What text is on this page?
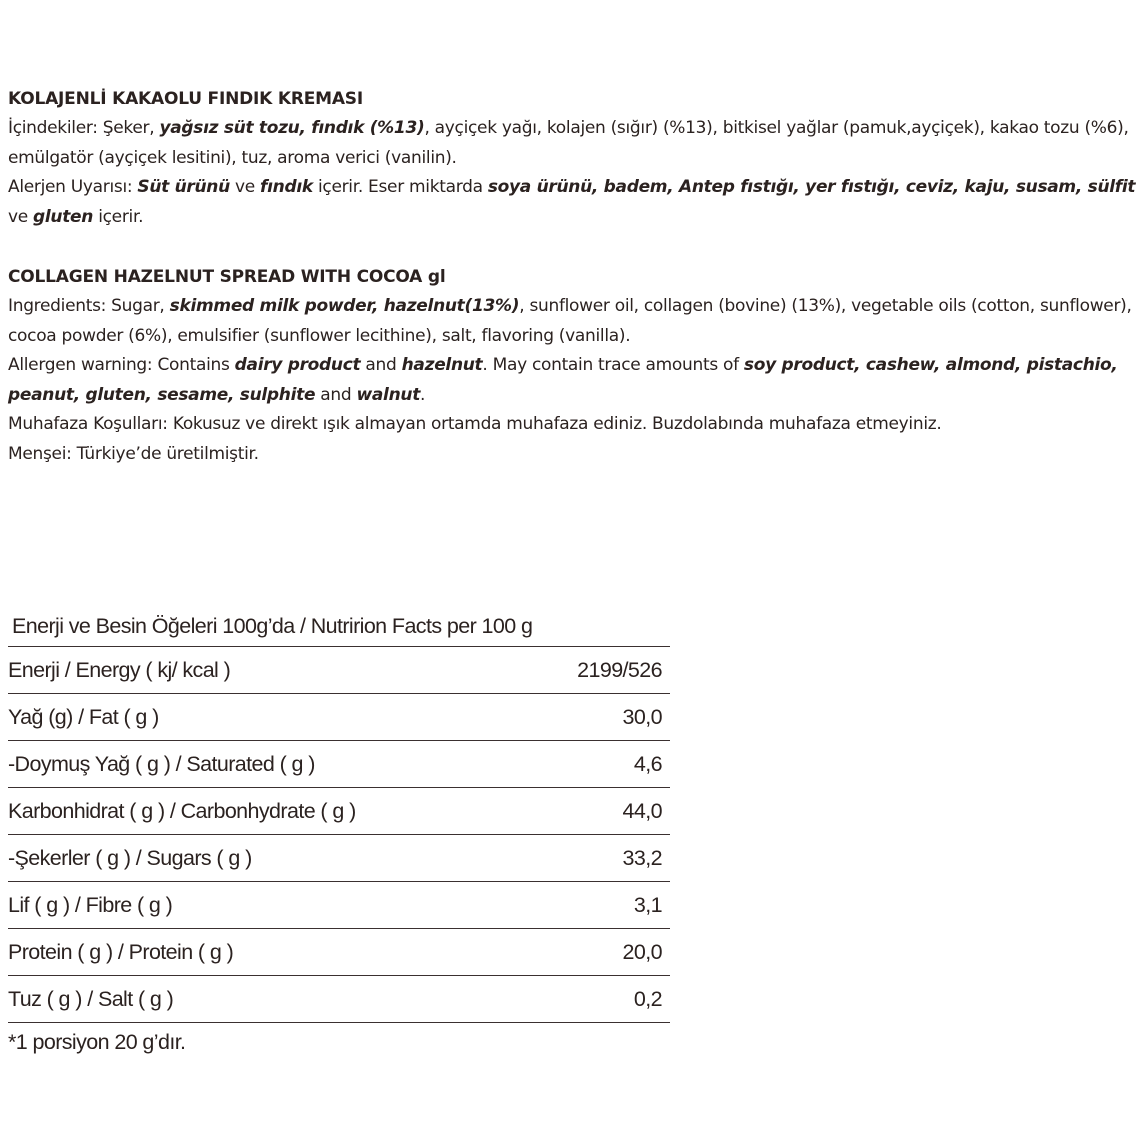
KOLAJENLİ KAKAOLU FINDIK KREMASI
İçindekiler: Şeker, yağsız süt tozu, fındık (%13), ayçiçek yağı, kolajen (sığır) (%13), bitkisel yağlar (pamuk,ayçiçek), kakao tozu (%6), emülgatör (ayçiçek lesitini), tuz, aroma verici (vanilin).
Alerjen Uyarısı: Süt ürünü ve fındık içerir. Eser miktarda soya ürünü, badem, Antep fıstığı, yer fıstığı, ceviz, kaju, susam, sülfit ve gluten içerir.
COLLAGEN HAZELNUT SPREAD WITH COCOA gl
Ingredients: Sugar, skimmed milk powder, hazelnut(13%), sunflower oil, collagen (bovine) (13%), vegetable oils (cotton, sunflower), cocoa powder (6%), emulsifier (sunflower lecithine), salt, flavoring (vanilla).
Allergen warning: Contains dairy product and hazelnut. May contain trace amounts of soy product, cashew, almond, pistachio, peanut, gluten, sesame, sulphite and walnut.
Muhafaza Koşulları: Kokusuz ve direkt ışık almayan ortamda muhafaza ediniz. Buzdolabında muhafaza etmeyiniz.
Menşei: Türkiye’de üretilmiştir.
Enerji ve Besin Öğeleri 100g’da / Nutririon Facts per 100 g
Enerji / Energy ( kj/ kcal )	2199/526
Yağ (g) / Fat ( g )	30,0
-Doymuş Yağ ( g ) / Saturated ( g )	4,6
Karbonhidrat ( g ) / Carbonhydrate ( g )	44,0
-Şekerler ( g ) / Sugars ( g )	33,2
Lif ( g ) / Fibre ( g )	3,1
Protein ( g ) / Protein ( g )	20,0
Tuz ( g ) / Salt ( g )	0,2
*1 porsiyon 20 g’dır.
